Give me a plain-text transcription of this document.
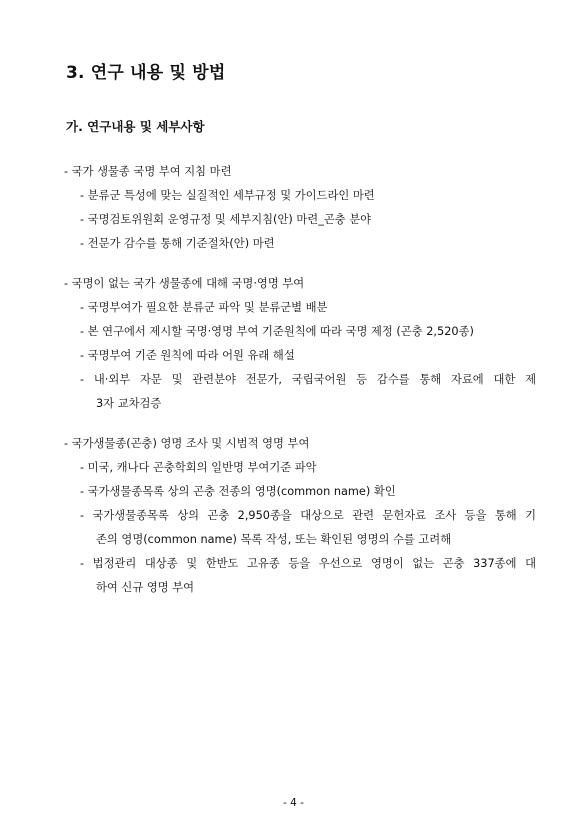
3. 연구 내용 및 방법
가. 연구내용 및 세부사항
- 국가 생물종 국명 부여 지침 마련
- 분류군 특성에 맞는 실질적인 세부규정 및 가이드라인 마련
- 국명검토위원회 운영규정 및 세부지침(안) 마련_곤충 분야
- 전문가 감수를 통해 기준절차(안) 마련
- 국명이 없는 국가 생물종에 대해 국명·영명 부여
- 국명부여가 필요한 분류군 파악 및 분류군별 배분
- 본 연구에서 제시할 국명·영명 부여 기준원칙에 따라 국명 제정 (곤충 2,520종)
- 국명부여 기준 원칙에 따라 어원 유래 해설
- 내·외부 자문 및 관련분야 전문가, 국립국어원 등 감수를 통해 자료에 대한 제
3자 교차검증
- 국가생물종(곤충) 영명 조사 및 시범적 영명 부여
- 미국, 캐나다 곤충학회의 일반명 부여기준 파악
- 국가생물종목록 상의 곤충 전종의 영명(common name) 확인
- 국가생물종목록 상의 곤충 2,950종을 대상으로 관련 문헌자료 조사 등을 통해 기
존의 영명(common name) 목록 작성, 또는 확인된 영명의 수를 고려해
- 법정관리 대상종 및 한반도 고유종 등을 우선으로 영명이 없는 곤충 337종에 대
하여 신규 영명 부여
- 4 -
